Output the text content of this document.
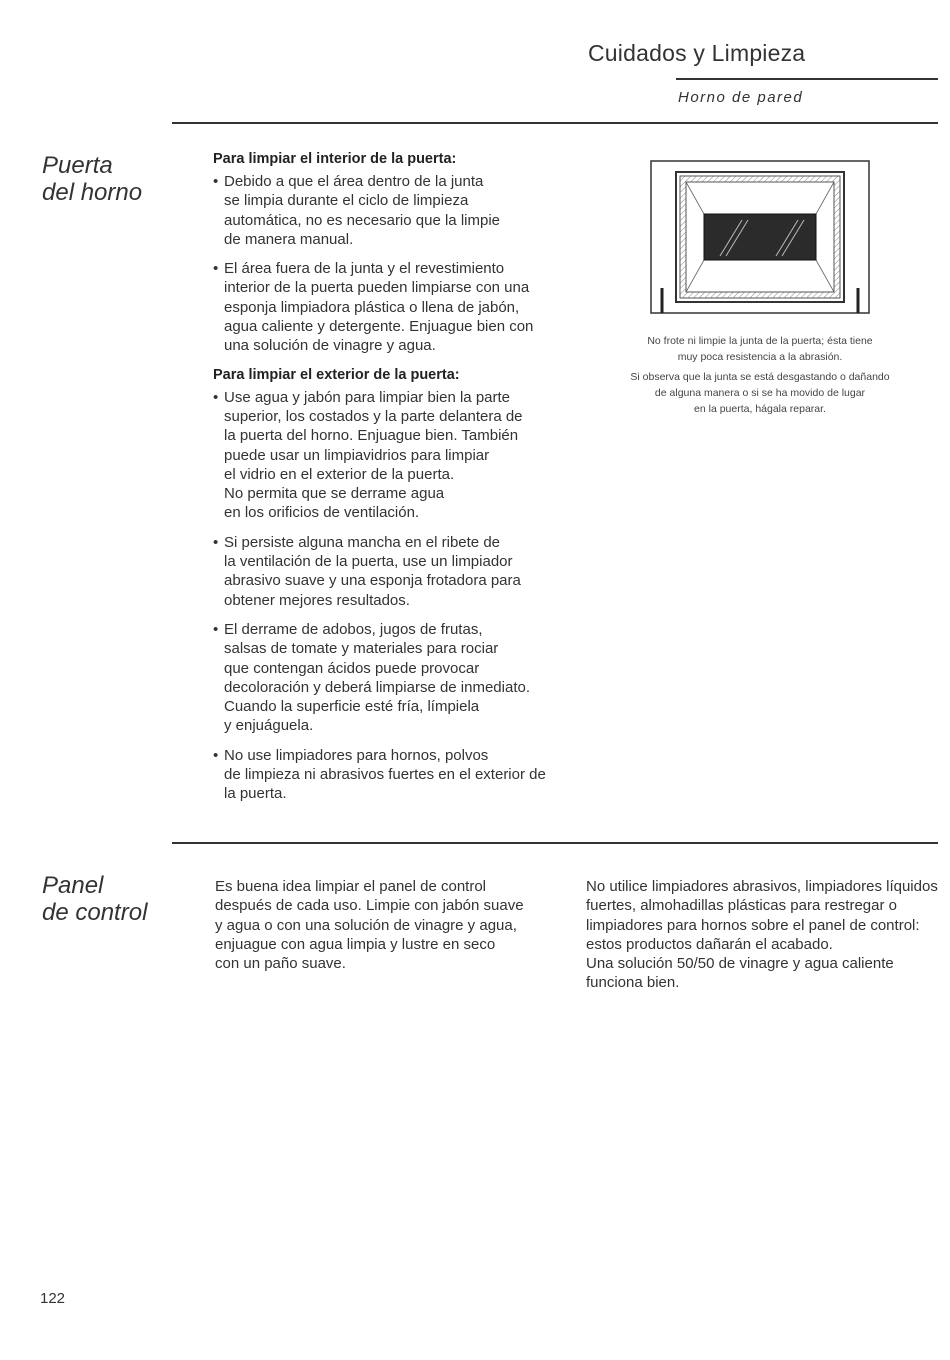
Cuidados y Limpieza
Horno de pared
Puerta
del horno

Para limpiar el interior de la puerta:

• Debido a que el área dentro de la junta
se limpia durante el ciclo de limpieza
automática, no es necesario que la limpie
de manera manual.
• El área fuera de la junta y el revestimiento
interior de la puerta pueden limpiarse con una
esponja limpiadora plástica o llena de jabón,
agua caliente y detergente. Enjuague bien con
una solución de vinagre y agua.

Para limpiar el exterior de la puerta:

• Use agua y jabón para limpiar bien la parte
superior, los costados y la parte delantera de
la puerta del horno. Enjuague bien. También
puede usar un limpiavidrios para limpiar
el vidrio en el exterior de la puerta.
No permita que se derrame agua
en los orificios de ventilación.
• Si persiste alguna mancha en el ribete de
la ventilación de la puerta, use un limpiador
abrasivo suave y una esponja frotadora para
obtener mejores resultados.
• El derrame de adobos, jugos de frutas,
salsas de tomate y materiales para rociar
que contengan ácidos puede provocar
decoloración y deberá limpiarse de inmediato.
Cuando la superficie esté fría, límpiela
y enjuáguela.
• No use limpiadores para hornos, polvos
de limpieza ni abrasivos fuertes en el exterior de
la puerta.
No frote ni limpie la junta de la puerta; ésta tiene
muy poca resistencia a la abrasión.
Si observa que la junta se está desgastando o dañando
de alguna manera o si se ha movido de lugar
en la puerta, hágala reparar.
Panel
de control
Es buena idea limpiar el panel de control
después de cada uso. Limpie con jabón suave
y agua o con una solución de vinagre y agua,
enjuague con agua limpia y lustre en seco
con un paño suave.
No utilice limpiadores abrasivos, limpiadores líquidos
fuertes, almohadillas plásticas para restregar o
limpiadores para hornos sobre el panel de control:
estos productos dañarán el acabado.
Una solución 50/50 de vinagre y agua caliente
funciona bien.
122
